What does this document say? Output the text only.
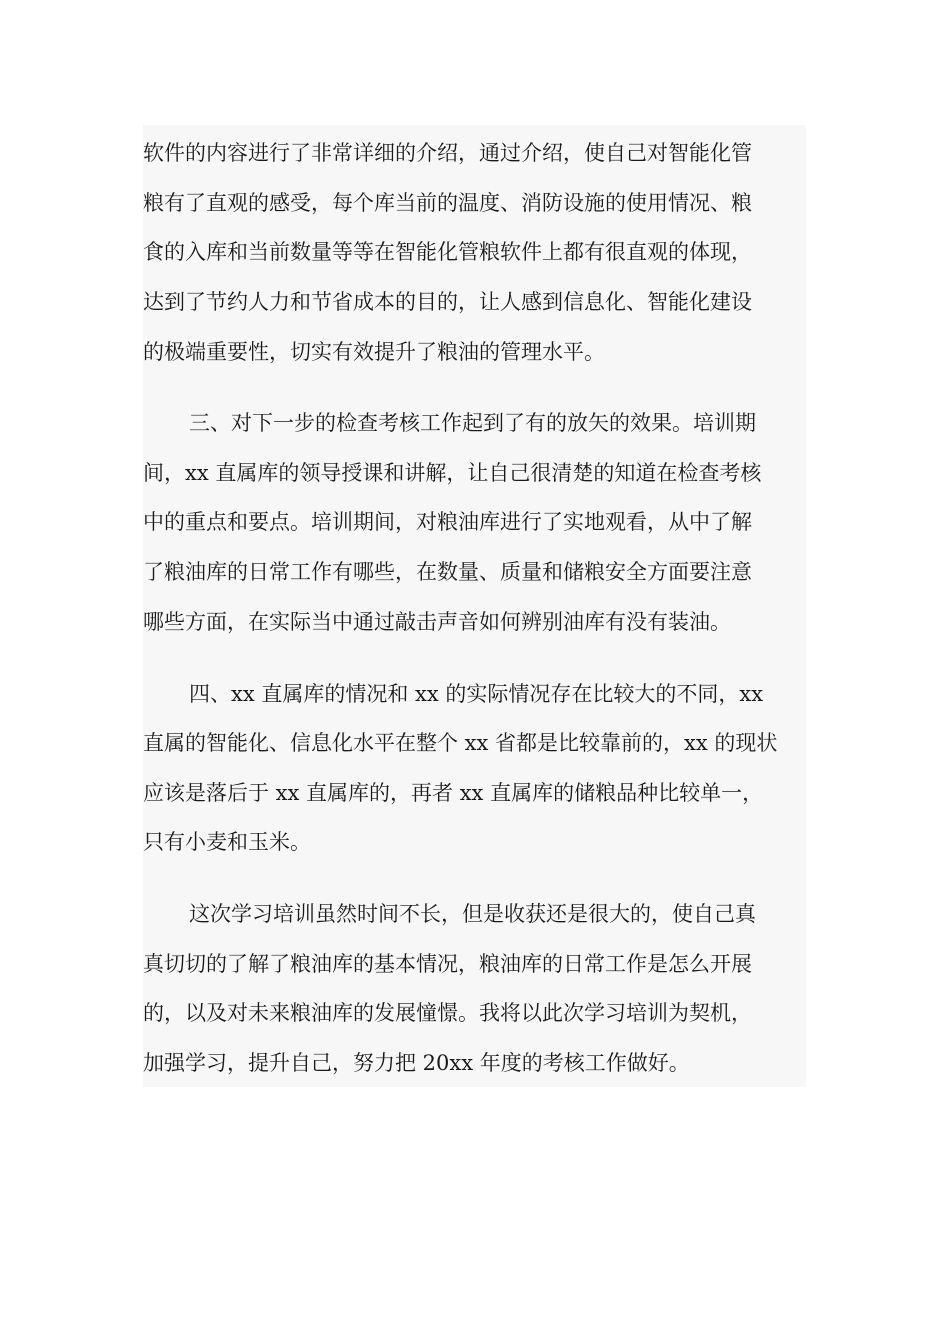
软件的内容进行了非常详细的介绍，通过介绍，使自己对智能化管
粮有了直观的感受，每个库当前的温度、消防设施的使用情况、粮
食的入库和当前数量等等在智能化管粮软件上都有很直观的体现，
达到了节约人力和节省成本的目的，让人感到信息化、智能化建设
的极端重要性，切实有效提升了粮油的管理水平。
三、对下一步的检查考核工作起到了有的放矢的效果。培训期
间，xx 直属库的领导授课和讲解，让自己很清楚的知道在检查考核
中的重点和要点。培训期间，对粮油库进行了实地观看，从中了解
了粮油库的日常工作有哪些，在数量、质量和储粮安全方面要注意
哪些方面，在实际当中通过敲击声音如何辨别油库有没有装油。
四、xx 直属库的情况和 xx 的实际情况存在比较大的不同，xx
直属的智能化、信息化水平在整个 xx 省都是比较靠前的，xx 的现状
应该是落后于 xx 直属库的，再者 xx 直属库的储粮品种比较单一，
只有小麦和玉米。
这次学习培训虽然时间不长，但是收获还是很大的，使自己真
真切切的了解了粮油库的基本情况，粮油库的日常工作是怎么开展
的，以及对未来粮油库的发展憧憬。我将以此次学习培训为契机，
加强学习，提升自己，努力把 20xx 年度的考核工作做好。
